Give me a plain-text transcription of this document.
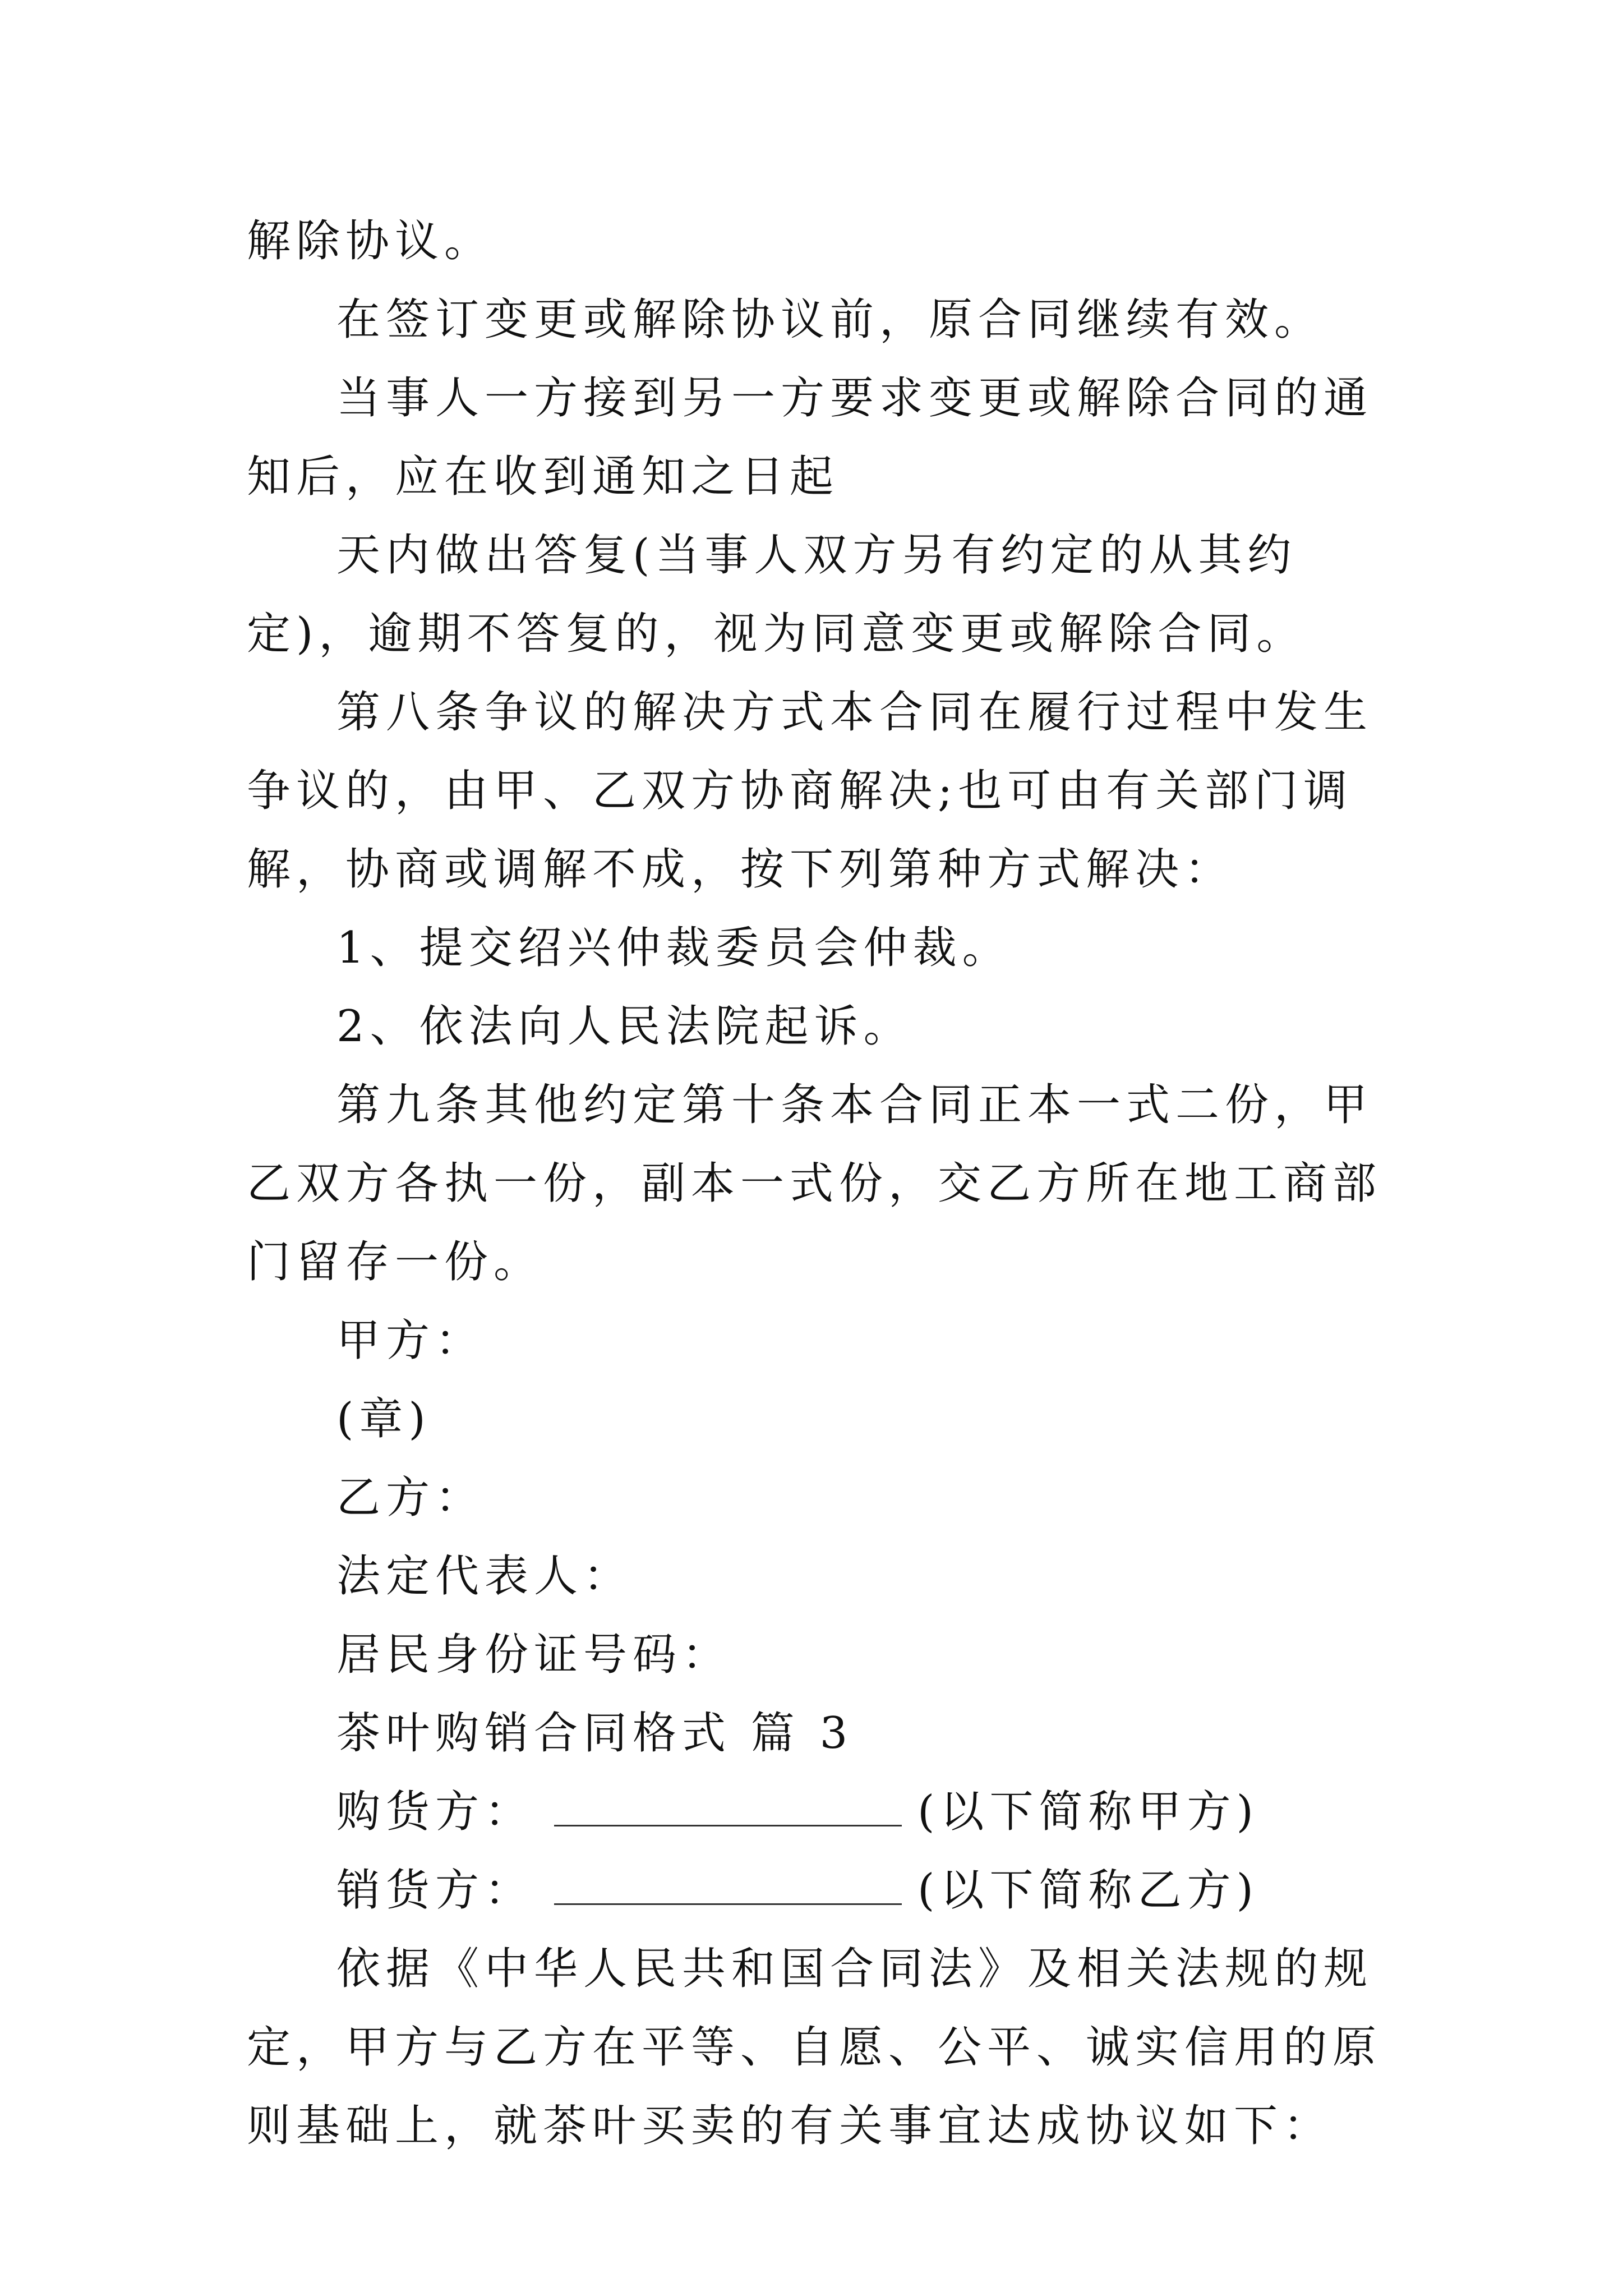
解除协议。

在签订变更或解除协议前，原合同继续有效。

当事人一方接到另一方要求变更或解除合同的通知后，应在收到通知之日起

天内做出答复(当事人双方另有约定的从其约定)，逾期不答复的，视为同意变更或解除合同。

第八条争议的解决方式本合同在履行过程中发生争议的，由甲、乙双方协商解决;也可由有关部门调解，协商或调解不成，按下列第种方式解决：

1、提交绍兴仲裁委员会仲裁。

2、依法向人民法院起诉。

第九条其他约定第十条本合同正本一式二份，甲乙双方各执一份，副本一式份，交乙方所在地工商部门留存一份。

甲方：

(章)

乙方：

法定代表人：

居民身份证号码：

茶叶购销合同格式 篇 3

购货方：	(以下简称甲方)

销货方：	(以下简称乙方)

依据《中华人民共和国合同法》及相关法规的规定，甲方与乙方在平等、自愿、公平、诚实信用的原则基础上，就茶叶买卖的有关事宜达成协议如下：
